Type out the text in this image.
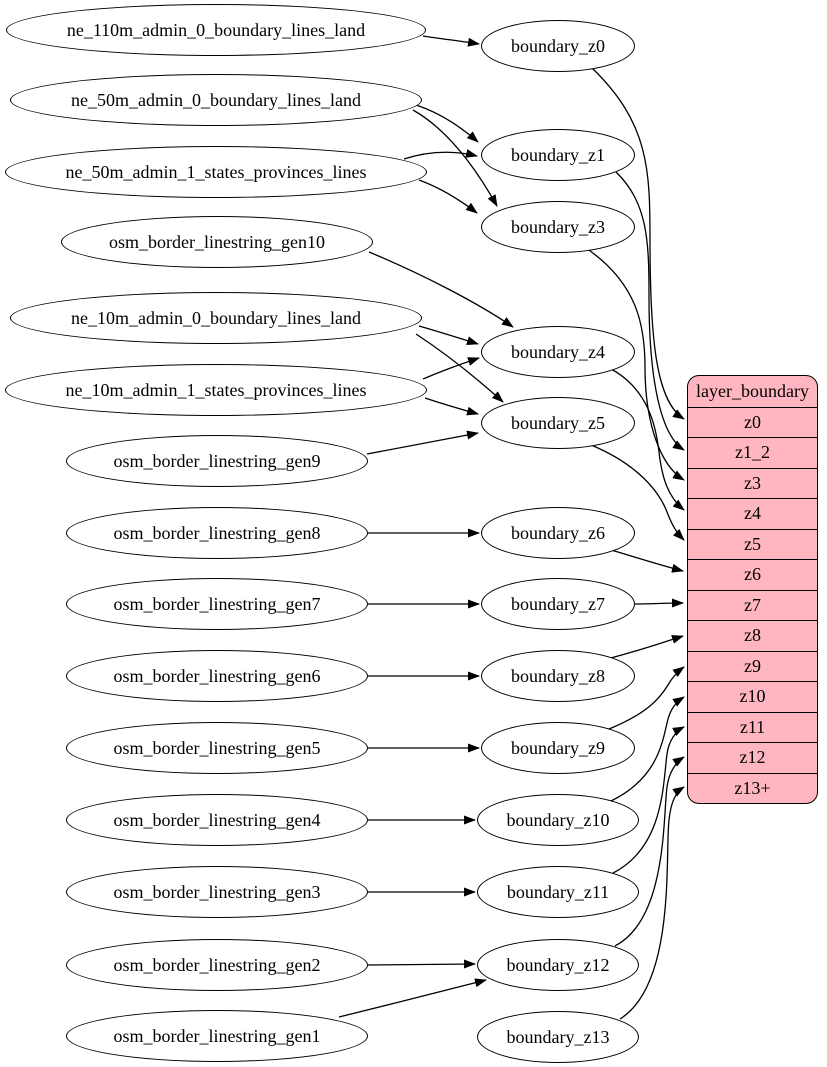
ne_110m_admin_0_boundary_lines_land
ne_50m_admin_0_boundary_lines_land
ne_50m_admin_1_states_provinces_lines
osm_border_linestring_gen10
ne_10m_admin_0_boundary_lines_land
ne_10m_admin_1_states_provinces_lines
osm_border_linestring_gen9
osm_border_linestring_gen8
osm_border_linestring_gen7
osm_border_linestring_gen6
osm_border_linestring_gen5
osm_border_linestring_gen4
osm_border_linestring_gen3
osm_border_linestring_gen2
osm_border_linestring_gen1
boundary_z0
boundary_z1
boundary_z3
boundary_z4
boundary_z5
boundary_z6
boundary_z7
boundary_z8
boundary_z9
boundary_z10
boundary_z11
boundary_z12
boundary_z13
layer_boundary
z0
z1_2
z3
z4
z5
z6
z7
z8
z9
z10
z11
z12
z13+
